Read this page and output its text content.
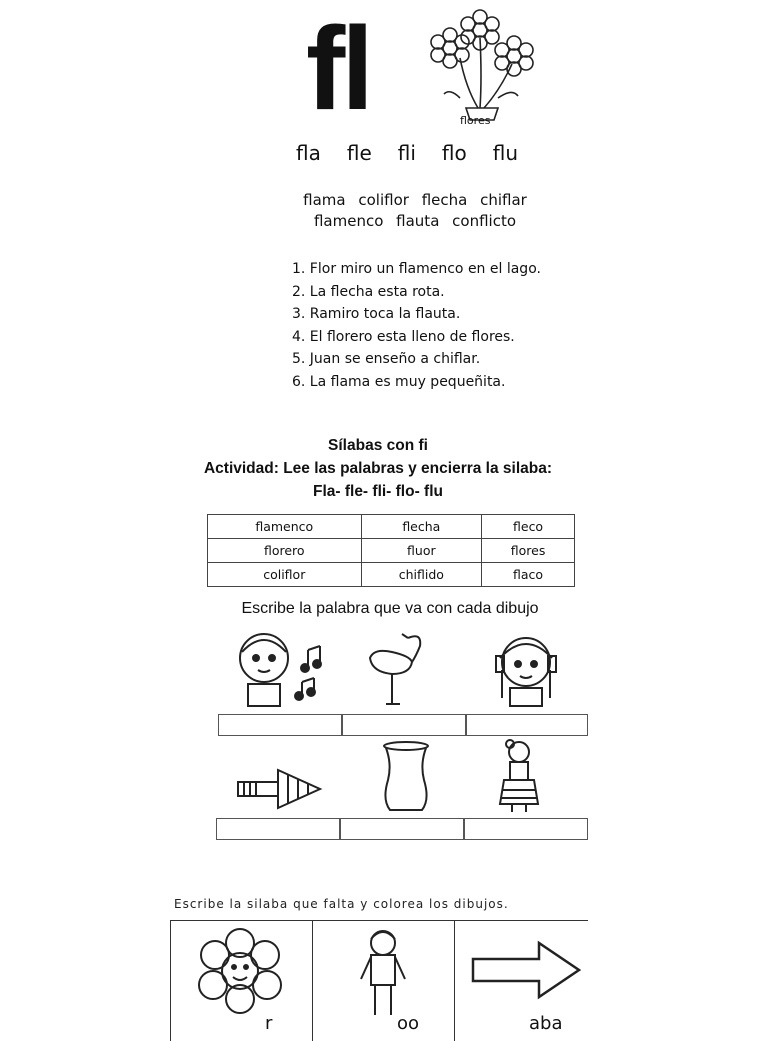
fl	flores
fla fle fli flo flu
flama coliflor flecha chiflar
flamenco flauta conflicto
1. Flor miro un flamenco en el lago.
2. La flecha esta rota.
3. Ramiro toca la flauta.
4. El florero esta lleno de flores.
5. Juan se enseño a chiflar.
6. La flama es muy pequeñita.
Sílabas con fi
Actividad: Lee las palabras y encierra la silaba:
Fla- fle- fli- flo- flu
flamenco	flecha	fleco
florero	fluor	flores
coliflor	chiflido	flaco
Escribe la palabra que va con cada dibujo
Escribe la silaba que falta y colorea los dibujos.
r	oo	aba
